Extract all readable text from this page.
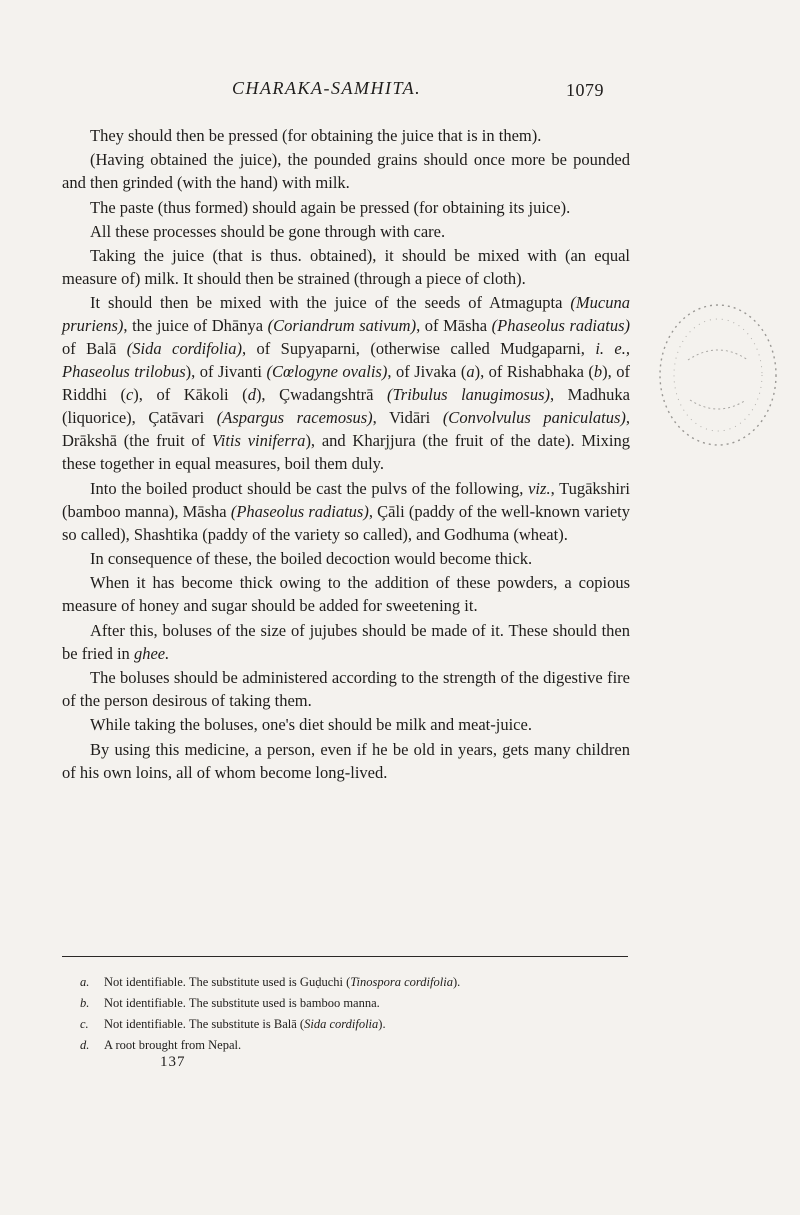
CHARAKA-SAMHITA.	1079

They should then be pressed (for obtaining the juice that is in them).

(Having obtained the juice), the pounded grains should once more be pounded and then grinded (with the hand) with milk.

The paste (thus formed) should again be pressed (for obtaining its juice).

All these processes should be gone through with care.

Taking the juice (that is thus. obtained), it should be mixed with (an equal measure of) milk. It should then be strained (through a piece of cloth).

It should then be mixed with the juice of the seeds of Atmagupta (Mucuna pruriens), the juice of Dhānya (Coriandrum sativum), of Māsha (Phaseolus radiatus) of Balā (Sida cordifolia), of Supyaparni, (otherwise called Mudgaparni, i. e., Phaseolus trilobus), of Jivanti (Cœlogyne ovalis), of Jivaka (a), of Rishabhaka (b), of Riddhi (c), of Kākoli (d), Çwadangshtrā (Tribulus lanugimosus), Madhuka (liquorice), Çatāvari (Aspargus racemosus), Vidāri (Convolvulus paniculatus), Drākshā (the fruit of Vitis viniferra), and Kharjjura (the fruit of the date). Mixing these together in equal measures, boil them duly.

Into the boiled product should be cast the pulvs of the following, viz., Tugākshiri (bamboo manna), Māsha (Phaseolus radiatus), Çāli (paddy of the well-known variety so called), Shashtika (paddy of the variety so called), and Godhuma (wheat).

In consequence of these, the boiled decoction would become thick.

When it has become thick owing to the addition of these powders, a copious measure of honey and sugar should be added for sweetening it.

After this, boluses of the size of jujubes should be made of it. These should then be fried in ghee.

The boluses should be administered according to the strength of the digestive fire of the person desirous of taking them.

While taking the boluses, one's diet should be milk and meat-juice.

By using this medicine, a person, even if he be old in years, gets many children of his own loins, all of whom become long-lived.

a. Not identifiable. The substitute used is Guḍuchi (Tinospora cordifolia).
b. Not identifiable. The substitute used is bamboo manna.
c. Not identifiable. The substitute is Balā (Sida cordifolia).
d. A root brought from Nepal.
137
